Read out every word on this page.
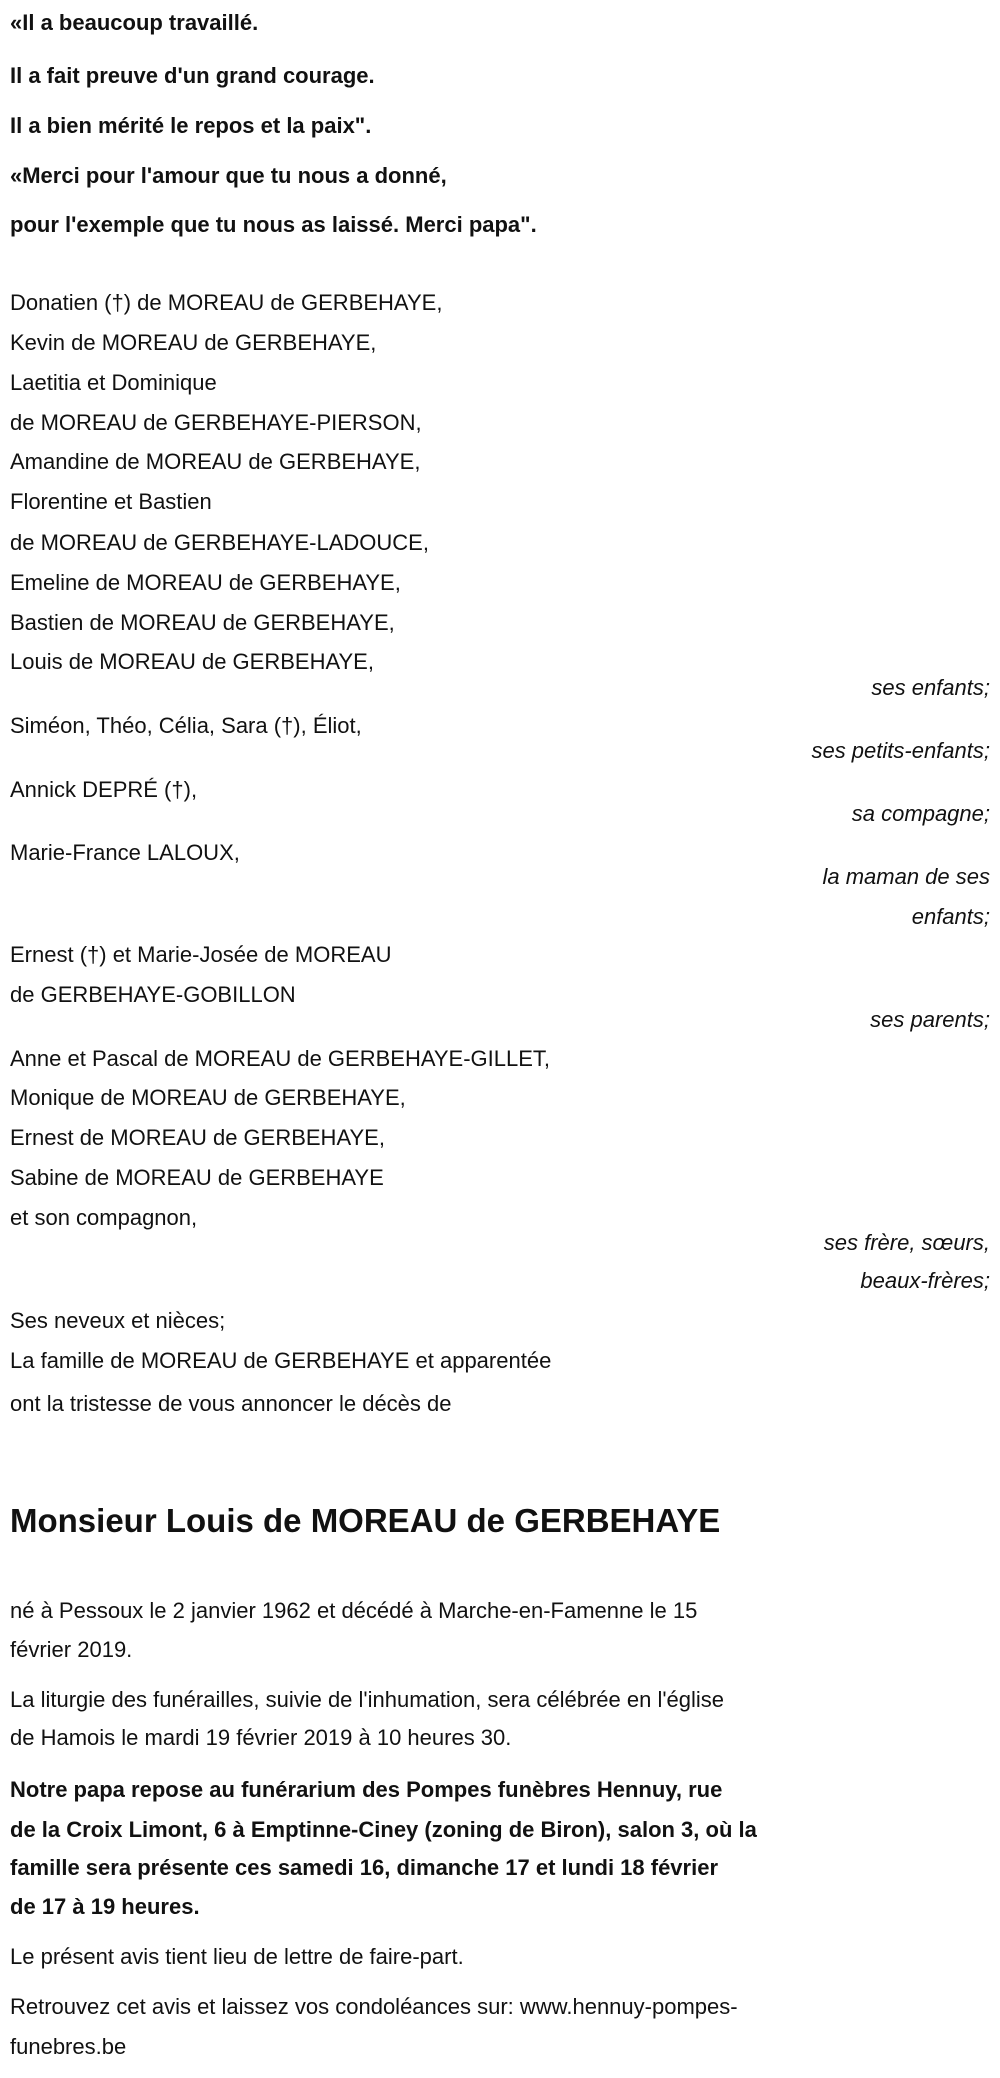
«Il a beaucoup travaillé.
Il a fait preuve d'un grand courage.
Il a bien mérité le repos et la paix".
«Merci pour l'amour que tu nous a donné,
pour l'exemple que tu nous as laissé. Merci papa".
Donatien (†) de MOREAU de GERBEHAYE,
Kevin de MOREAU de GERBEHAYE,
Laetitia et Dominique
de MOREAU de GERBEHAYE-PIERSON,
Amandine de MOREAU de GERBEHAYE,
Florentine et Bastien
de MOREAU de GERBEHAYE-LADOUCE,
Emeline de MOREAU de GERBEHAYE,
Bastien de MOREAU de GERBEHAYE,
Louis de MOREAU de GERBEHAYE,
ses enfants;
Siméon, Théo, Célia, Sara (†), Éliot,
ses petits-enfants;
Annick DEPRÉ (†),
sa compagne;
Marie-France LALOUX,
la maman de ses
enfants;
Ernest (†) et Marie-Josée de MOREAU
de GERBEHAYE-GOBILLON
ses parents;
Anne et Pascal de MOREAU de GERBEHAYE-GILLET,
Monique de MOREAU de GERBEHAYE,
Ernest de MOREAU de GERBEHAYE,
Sabine de MOREAU de GERBEHAYE
et son compagnon,
ses frère, sœurs,
beaux-frères;
Ses neveux et nièces;
La famille de MOREAU de GERBEHAYE et apparentée
ont la tristesse de vous annoncer le décès de
Monsieur Louis de MOREAU de GERBEHAYE
né à Pessoux le 2 janvier 1962 et décédé à Marche-en-Famenne le 15
février 2019.
La liturgie des funérailles, suivie de l'inhumation, sera célébrée en l'église
de Hamois le mardi 19 février 2019 à 10 heures 30.
Notre papa repose au funérarium des Pompes funèbres Hennuy, rue
de la Croix Limont, 6 à Emptinne-Ciney (zoning de Biron), salon 3, où la
famille sera présente ces samedi 16, dimanche 17 et lundi 18 février
de 17 à 19 heures.
Le présent avis tient lieu de lettre de faire-part.
Retrouvez cet avis et laissez vos condoléances sur: www.hennuy-pompes-
funebres.be
